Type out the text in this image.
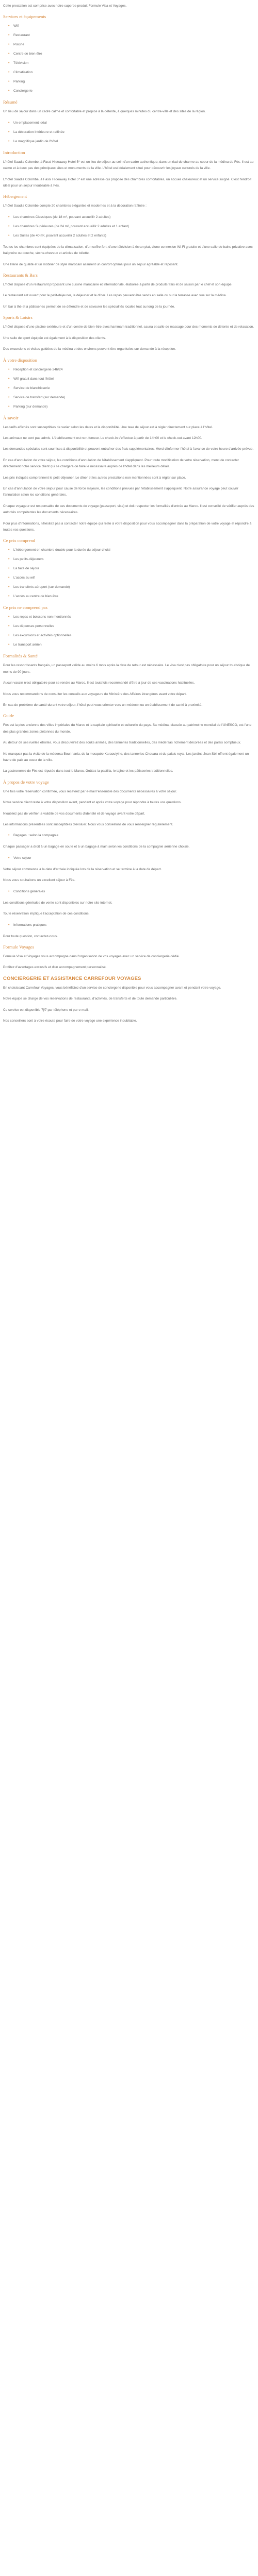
Cette prestation est comprise avec notre superbe produit Formule Visa et Voyages.

Services et équipements
•	Wifi
•	Restaurant
•	Piscine
•	Centre de bien être
•	Télévision
•	Climatisation
•	Parking
•	Conciergerie
Résumé

Un lieu de séjour dans un cadre calme et confortable et propice à la détente, à quelques minutes du centre-ville et des sites de la région.

•	Un emplacement idéal
•	La décoration intérieure et raffinée
•	Le magnifique jardin de l'hôtel
Introduction

L'hôtel Saadia Colombe, à Fassi Hideaway Hotel 5* est un lieu de séjour au sein d'un cadre authentique, dans un riad de charme au coeur de la médina de Fès. Il est au calme et à deux pas des principaux sites et monuments de la ville. L'hôtel est idéalement situé pour découvrir les joyaux culturels de la ville.

L'hôtel Saadia Colombe, à Fassi Hideaway Hotel 5* est une adresse qui propose des chambres confortables, un accueil chaleureux et un service soigné. C'est l'endroit idéal pour un séjour inoubliable à Fès.

Hébergement

L'hôtel Saadia Colombe compte 20 chambres élégantes et modernes et à la décoration raffinée :

•	Les chambres Classiques (de 18 m², pouvant accueillir 2 adultes)
•	Les chambres Supérieures (de 24 m², pouvant accueillir 2 adultes et 1 enfant)
•	Les Suites (de 40 m², pouvant accueillir 2 adultes et 2 enfants)

Toutes les chambres sont équipées de la climatisation, d'un coffre-fort, d'une télévision à écran plat, d'une connexion Wi-Fi gratuite et d'une salle de bains privative avec baignoire ou douche, sèche-cheveux et articles de toilette.

Une literie de qualité et un mobilier de style marocain assurent un confort optimal pour un séjour agréable et reposant.

Restaurants & Bars

L'hôtel dispose d'un restaurant proposant une cuisine marocaine et internationale, élaborée à partir de produits frais et de saison par le chef et son équipe.

Le restaurant est ouvert pour le petit-déjeuner, le déjeuner et le dîner. Les repas peuvent être servis en salle ou sur la terrasse avec vue sur la médina.

Un bar à thé et à pâtisseries permet de se détendre et de savourer les spécialités locales tout au long de la journée.

Sports & Loisirs

L'hôtel dispose d'une piscine extérieure et d'un centre de bien-être avec hammam traditionnel, sauna et salle de massage pour des moments de détente et de relaxation.

Une salle de sport équipée est également à la disposition des clients.

Des excursions et visites guidées de la médina et des environs peuvent être organisées sur demande à la réception.

À votre disposition
•	Réception et conciergerie 24h/24
•	Wifi gratuit dans tout l'hôtel
•	Service de blanchisserie
•	Service de transfert (sur demande)
•	Parking (sur demande)
À savoir

Les tarifs affichés sont susceptibles de varier selon les dates et la disponibilité. Une taxe de séjour est à régler directement sur place à l'hôtel.

Les animaux ne sont pas admis. L'établissement est non-fumeur. Le check-in s'effectue à partir de 14h00 et le check-out avant 12h00.

Les demandes spéciales sont soumises à disponibilité et peuvent entraîner des frais supplémentaires. Merci d'informer l'hôtel à l'avance de votre heure d'arrivée prévue.

En cas d'annulation de votre séjour, les conditions d'annulation de l'établissement s'appliquent. Pour toute modification de votre réservation, merci de contacter directement notre service client qui se chargera de faire le nécessaire auprès de l'hôtel dans les meilleurs délais.

Les prix indiqués comprennent le petit-déjeuner. Le dîner et les autres prestations non mentionnées sont à régler sur place.

En cas d'annulation de votre séjour pour cause de force majeure, les conditions prévues par l'établissement s'appliquent. Notre assurance voyage peut couvrir l'annulation selon les conditions générales.

Chaque voyageur est responsable de ses documents de voyage (passeport, visa) et doit respecter les formalités d'entrée au Maroc. Il est conseillé de vérifier auprès des autorités compétentes les documents nécessaires.

Pour plus d'informations, n'hésitez pas à contacter notre équipe qui reste à votre disposition pour vous accompagner dans la préparation de votre voyage et répondre à toutes vos questions.

Ce prix comprend
•	L'hébergement en chambre double pour la durée du séjour choisi
•	Les petits-déjeuners
•	La taxe de séjour
•	L'accès au wifi
•	Les transferts aéroport (sur demande)
•	L'accès au centre de bien être
Ce prix ne comprend pas
•	Les repas et boissons non mentionnés
•	Les dépenses personnelles
•	Les excursions et activités optionnelles
•	Le transport aérien
Formalités & Santé

Pour les ressortissants français, un passeport valide au moins 6 mois après la date de retour est nécessaire. Le visa n'est pas obligatoire pour un séjour touristique de moins de 90 jours.

Aucun vaccin n'est obligatoire pour se rendre au Maroc. Il est toutefois recommandé d'être à jour de ses vaccinations habituelles.

Nous vous recommandons de consulter les conseils aux voyageurs du Ministère des Affaires étrangères avant votre départ.

En cas de problème de santé durant votre séjour, l'hôtel peut vous orienter vers un médecin ou un établissement de santé à proximité.

Guide

Fès est la plus ancienne des villes impériales du Maroc et la capitale spirituelle et culturelle du pays. Sa médina, classée au patrimoine mondial de l'UNESCO, est l'une des plus grandes zones piétonnes du monde.

Au détour de ses ruelles étroites, vous découvrirez des souks animés, des tanneries traditionnelles, des médersas richement décorées et des palais somptueux.

Ne manquez pas la visite de la médersa Bou Inania, de la mosquée Karaouiyine, des tanneries Chouara et du palais royal. Les jardins Jnan Sbil offrent également un havre de paix au coeur de la ville.

La gastronomie de Fès est réputée dans tout le Maroc. Goûtez la pastilla, le tajine et les pâtisseries traditionnelles.

À propos de votre voyage

Une fois votre réservation confirmée, vous recevrez par e-mail l'ensemble des documents nécessaires à votre séjour.

Notre service client reste à votre disposition avant, pendant et après votre voyage pour répondre à toutes vos questions.

N'oubliez pas de vérifier la validité de vos documents d'identité et de voyage avant votre départ.

Les informations présentées sont susceptibles d'évoluer. Nous vous conseillons de vous renseigner régulièrement.

•	Bagages : selon la compagnie

Chaque passager a droit à un bagage en soute et à un bagage à main selon les conditions de la compagnie aérienne choisie.

•	Votre séjour

Votre séjour commence à la date d'arrivée indiquée lors de la réservation et se termine à la date de départ.

Nous vous souhaitons un excellent séjour à Fès.

•	Conditions générales

Les conditions générales de vente sont disponibles sur notre site internet.

Toute réservation implique l'acceptation de ces conditions.

•	Informations pratiques

Pour toute question, contactez-nous.

Formule Voyages

Formule Visa et Voyages vous accompagne dans l'organisation de vos voyages avec un service de conciergerie dédié.

Profitez d'avantages exclusifs et d'un accompagnement personnalisé.

CONCIERGERIE ET ASSISTANCE CARREFOUR VOYAGES

En choisissant Carrefour Voyages, vous bénéficiez d'un service de conciergerie disponible pour vous accompagner avant et pendant votre voyage.

Notre équipe se charge de vos réservations de restaurants, d'activités, de transferts et de toute demande particulière.

Ce service est disponible 7j/7 par téléphone et par e-mail.

Nos conseillers sont à votre écoute pour faire de votre voyage une expérience inoubliable.
